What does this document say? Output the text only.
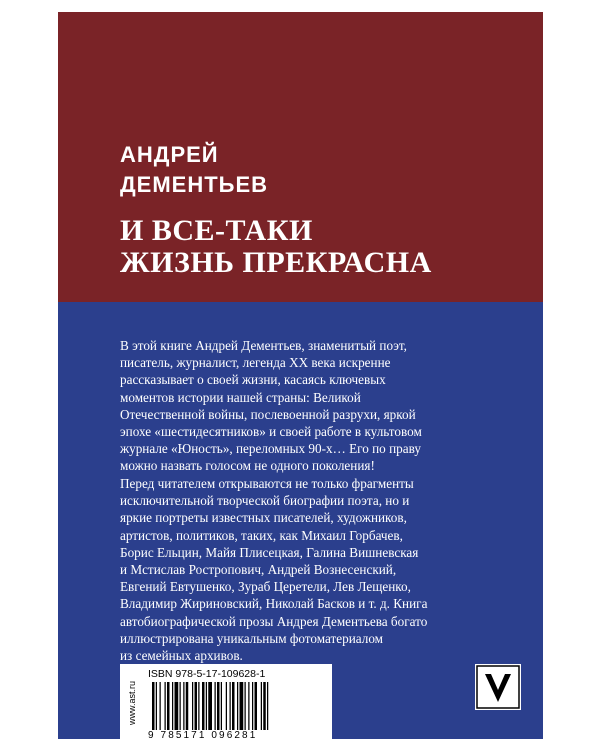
АНДРЕЙ
ДЕМЕНТЬЕВ
И ВСЕ-ТАКИ
ЖИЗНЬ ПРЕКРАСНА
www.ast.ru
ISBN 978-5-17-109628-1
9 785171 096281
В этой книге Андрей Дементьев, знаменитый поэт,
писатель, журналист, легенда XX века искренне
рассказывает о своей жизни, касаясь ключевых
моментов истории нашей страны: Великой
Отечественной войны, послевоенной разрухи, яркой
эпохе «шестидесятников» и своей работе в культовом
журнале «Юность», переломных 90-х… Его по праву
можно назвать голосом не одного поколения!
Перед читателем открываются не только фрагменты
исключительной творческой биографии поэта, но и
яркие портреты известных писателей, художников,
артистов, политиков, таких, как Михаил Горбачев,
Борис Ельцин, Майя Плисецкая, Галина Вишневская
и Мстислав Ростропович, Андрей Вознесенский,
Евгений Евтушенко, Зураб Церетели, Лев Лещенко,
Владимир Жириновский, Николай Басков и т. д. Книга
автобиографической прозы Андрея Дементьева богато
иллюстрирована уникальным фотоматериалом
из семейных архивов.
